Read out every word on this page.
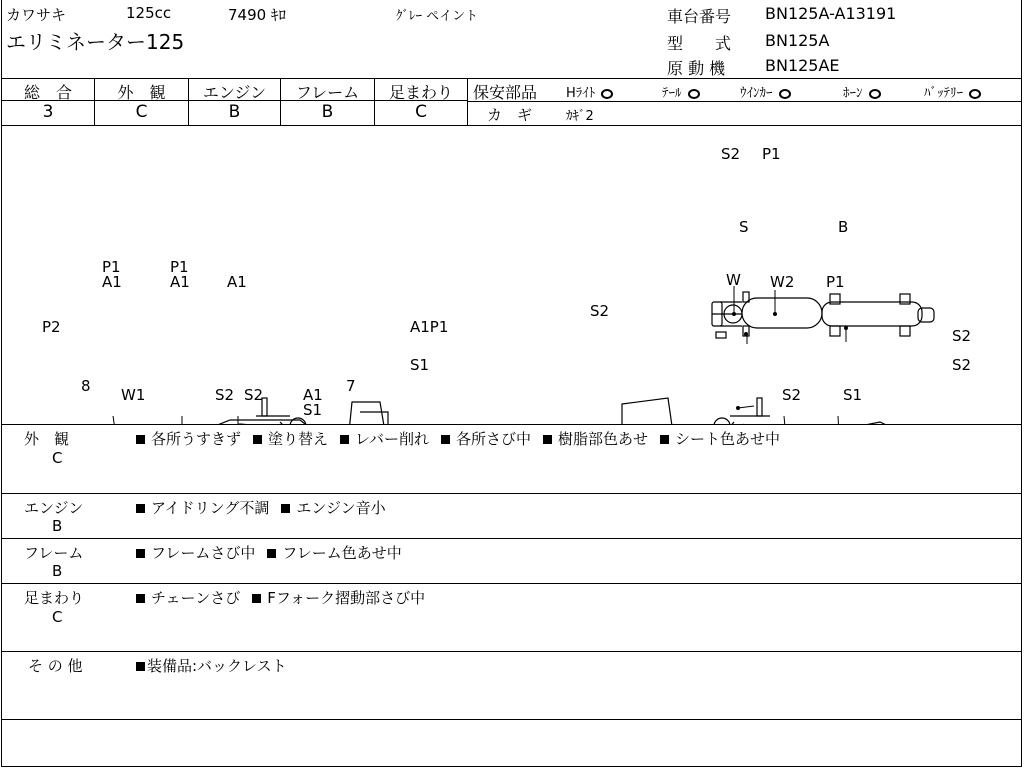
カワサキ	125cc	7490 ｷﾛ	ｸﾞﾚｰ ペイント
エリミネーター125
車台番号 BN125A-A13191
型　　式 BN125A
原 動 機 BN125AE
総　合	外　観	エンジン	フレーム	足まわり
3	C	B	B	C
保安部品 Hﾗｲﾄ	ﾃｰﾙ	ｳｲﾝｶｰ	ﾎｰﾝ	ﾊﾞｯﾃﾘｰ
カ　ギ	ｶｷﾞ2
S2 P1
S	B
P1
A1
P1
A1 A1
P2	A1P1
S1
8 W1	S2 S2	A1
S1
7
W W2 P1
S2
S2
S2
S2	S1
外　観
C
各所うすきず 塗り替え レバー削れ 各所さび中 樹脂部色あせ シート色あせ中
エンジン
B
アイドリング不調 エンジン音小
フレーム
B
フレームさび中 フレーム色あせ中
足まわり
C
チェーンさび Fフォーク摺動部さび中
そ の 他	装備品:バックレスト
